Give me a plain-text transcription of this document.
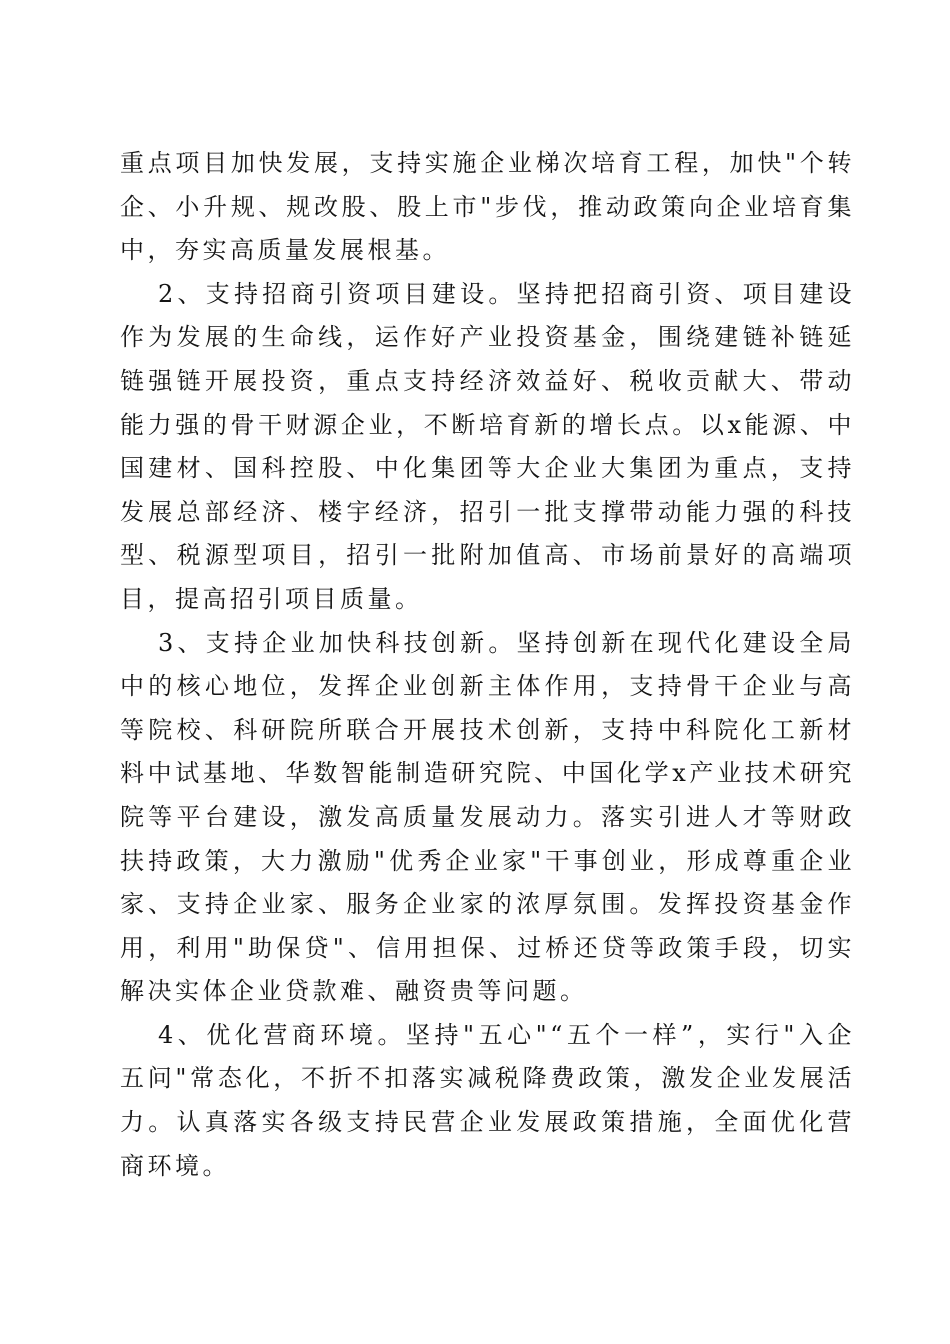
重点项目加快发展，支持实施企业梯次培育工程，加快"个转企、小升规、规改股、股上市"步伐，推动政策向企业培育集中，夯实高质量发展根基。

2、支持招商引资项目建设。坚持把招商引资、项目建设作为发展的生命线，运作好产业投资基金，围绕建链补链延链强链开展投资，重点支持经济效益好、税收贡献大、带动能力强的骨干财源企业，不断培育新的增长点。以x能源、中国建材、国科控股、中化集团等大企业大集团为重点，支持发展总部经济、楼宇经济，招引一批支撑带动能力强的科技型、税源型项目，招引一批附加值高、市场前景好的高端项目，提高招引项目质量。

3、支持企业加快科技创新。坚持创新在现代化建设全局中的核心地位，发挥企业创新主体作用，支持骨干企业与高等院校、科研院所联合开展技术创新，支持中科院化工新材料中试基地、华数智能制造研究院、中国化学x产业技术研究院等平台建设，激发高质量发展动力。落实引进人才等财政扶持政策，大力激励"优秀企业家"干事创业，形成尊重企业家、支持企业家、服务企业家的浓厚氛围。发挥投资基金作用，利用"助保贷"、信用担保、过桥还贷等政策手段，切实解决实体企业贷款难、融资贵等问题。

4、优化营商环境。坚持"五心"“五个一样”，实行"入企五问"常态化，不折不扣落实减税降费政策，激发企业发展活力。认真落实各级支持民营企业发展政策措施，全面优化营商环境。
